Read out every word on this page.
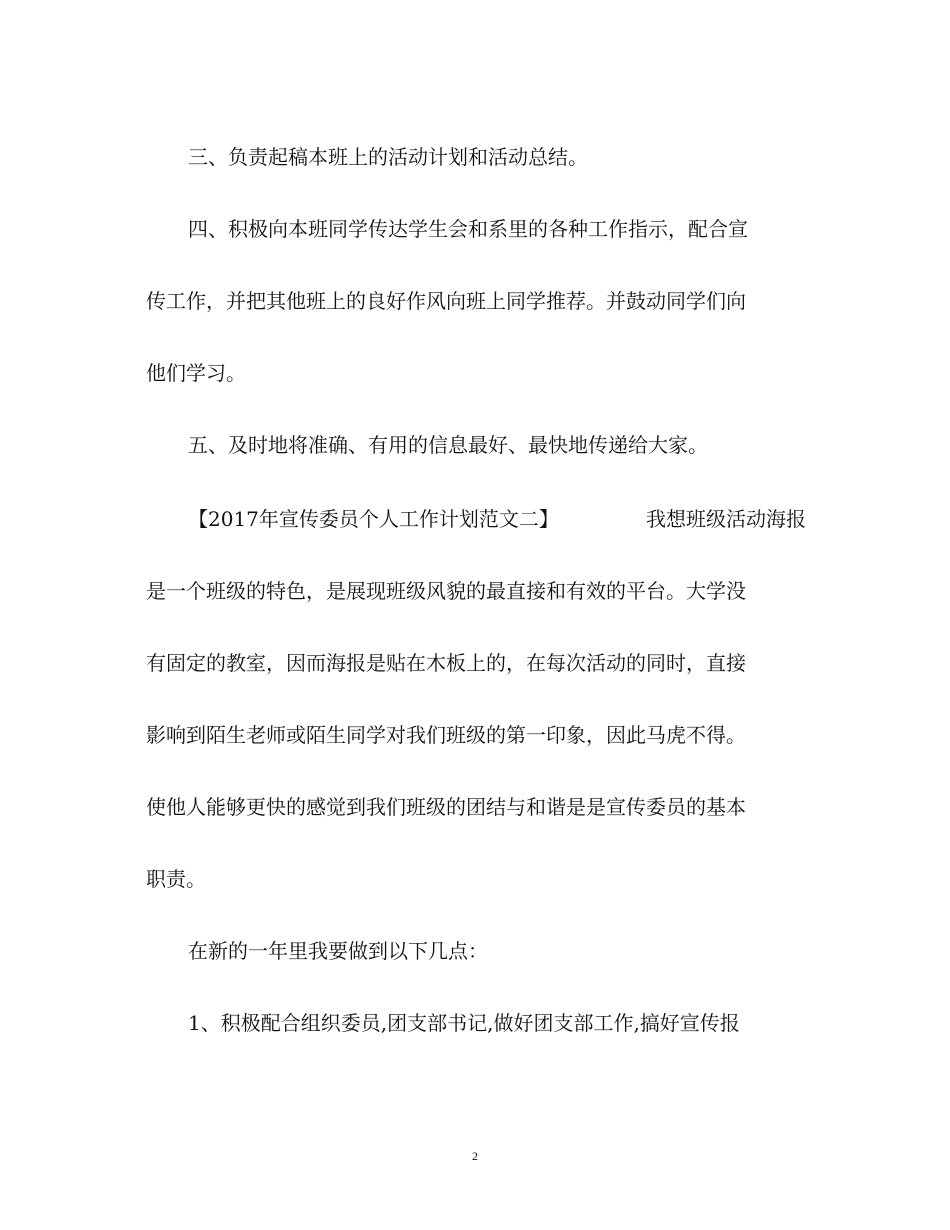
三、负责起稿本班上的活动计划和活动总结。
四、积极向本班同学传达学生会和系里的各种工作指示，配合宣
传工作，并把其他班上的良好作风向班上同学推荐。并鼓动同学们向
他们学习。
五、及时地将准确、有用的信息最好、最快地传递给大家。
【2017年宣传委员个人工作计划范文二】	我想班级活动海报
是一个班级的特色，是展现班级风貌的最直接和有效的平台。大学没
有固定的教室，因而海报是贴在木板上的，在每次活动的同时，直接
影响到陌生老师或陌生同学对我们班级的第一印象，因此马虎不得。
使他人能够更快的感觉到我们班级的团结与和谐是是宣传委员的基本
职责。
在新的一年里我要做到以下几点：
1、积极配合组织委员,团支部书记,做好团支部工作,搞好宣传报
2
